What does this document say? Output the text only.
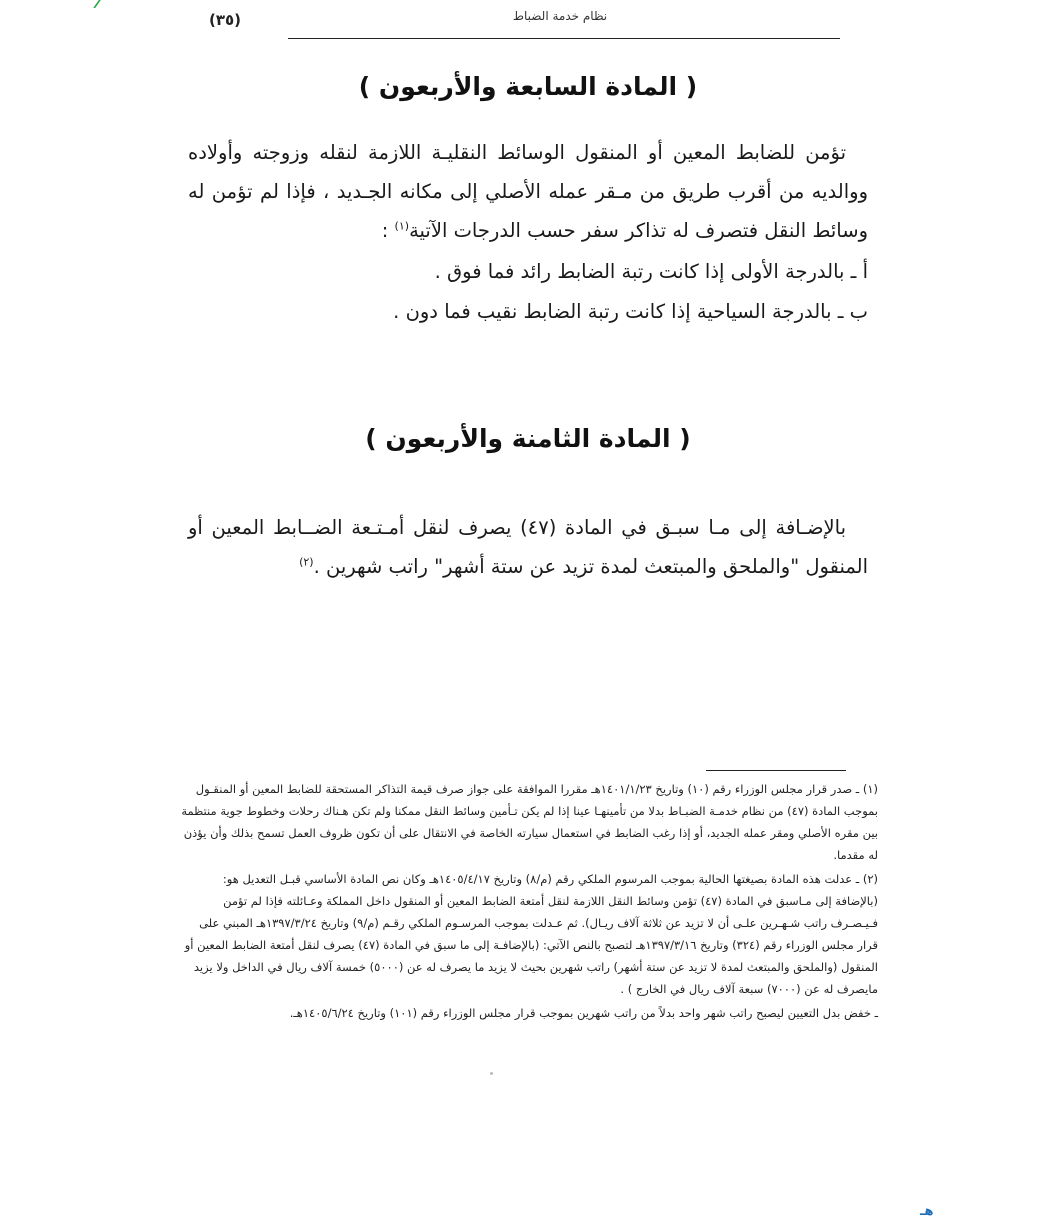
نظام خدمة الضباط
(٣٥)
( المادة السابعة والأربعون )

تؤمن للضابط المعين أو المنقول الوسائط النقليـة اللازمة لنقله وزوجته وأولاده ووالديه من أقرب طريق من مـقر عمله الأصلي إلى مكانه الجـديد ، فإذا لم تؤمن له وسائط النقل فتصرف له تذاكر سفر حسب الدرجات الآتية$^{(١)}$ :

أ ـ بالدرجة الأولى إذا كانت رتبة الضابط رائد فما فوق .
ب ـ بالدرجة السياحية إذا كانت رتبة الضابط نقيب فما دون .
( المادة الثامنة والأربعون )

بالإضـافة إلى مـا سبـق في المادة (٤٧) يصرف لنقل أمـتـعة الضــابط المعين أو المنقول "والملحق والمبتعث لمدة تزيد عن ستة أشهر" راتب شهرين .$^{(٢)}$

(١) ـ صدر قرار مجلس الوزراء رقم (١٠) وتاريخ ١٤٠١/١/٢٣هـ مقررا الموافقة على جواز صرف قيمة التذاكر المستحقة للضابط المعين أو المنقـول بموجب المادة (٤٧) من نظام خدمـة الضبـاط بدلا من تأمينهـا عينا إذا لم يكن تـأمين وسائط النقل ممكنا ولم تكن هـناك رحلات وخطوط جوية منتظمة بين مقره الأصلي ومقر عمله الجديد، أو إذا رغب الضابط في استعمال سيارته الخاصة في الانتقال على أن تكون ظروف العمل تسمح بذلك وأن يؤذن له مقدما.

(٢) ـ عدلت هذه المادة بصيغتها الحالية بموجب المرسوم الملكي رقم (م/٨) وتاريخ ١٤٠٥/٤/١٧هـ وكان نص المادة الأساسي قبـل التعديل هو: (بالإضافة إلى مـاسبق في المادة (٤٧) تؤمن وسائط النقل اللازمة لنقل أمتعة الضابط المعين أو المنقول داخل المملكة وعـائلته فإذا لم تؤمن فـيـصـرف راتب شـهـرين علـى أن لا تزيد عن ثلاثة آلاف ريـال). ثم عـدلت بموجب المرسـوم الملكي رقـم (م/٩) وتاريخ ١٣٩٧/٣/٢٤هـ المبني على قرار مجلس الوزراء رقم (٣٢٤) وتاريخ ١٣٩٧/٣/١٦هـ لتصبح بالنص الآتي: (بالإضافـة إلى ما سبق في المادة (٤٧) يصرف لنقل أمتعة الضابط المعين أو المنقول (والملحق والمبتعث لمدة لا تزيد عن ستة أشهر) راتب شهرين بحيث لا يزيد ما يصرف له عن (٥٠٠٠) خمسة آلاف ريال في الداخل ولا يزيد مايصرف له عن (٧٠٠٠) سبعة آلاف ريال في الخارج ) .

ـ خفض بدل التعيين ليصبح راتب شهر واحد بدلاً من راتب شهرين بموجب قرار مجلس الوزراء رقم (١٠١) وتاريخ ١٤٠٥/٦/٢٤هـ.

هـ
